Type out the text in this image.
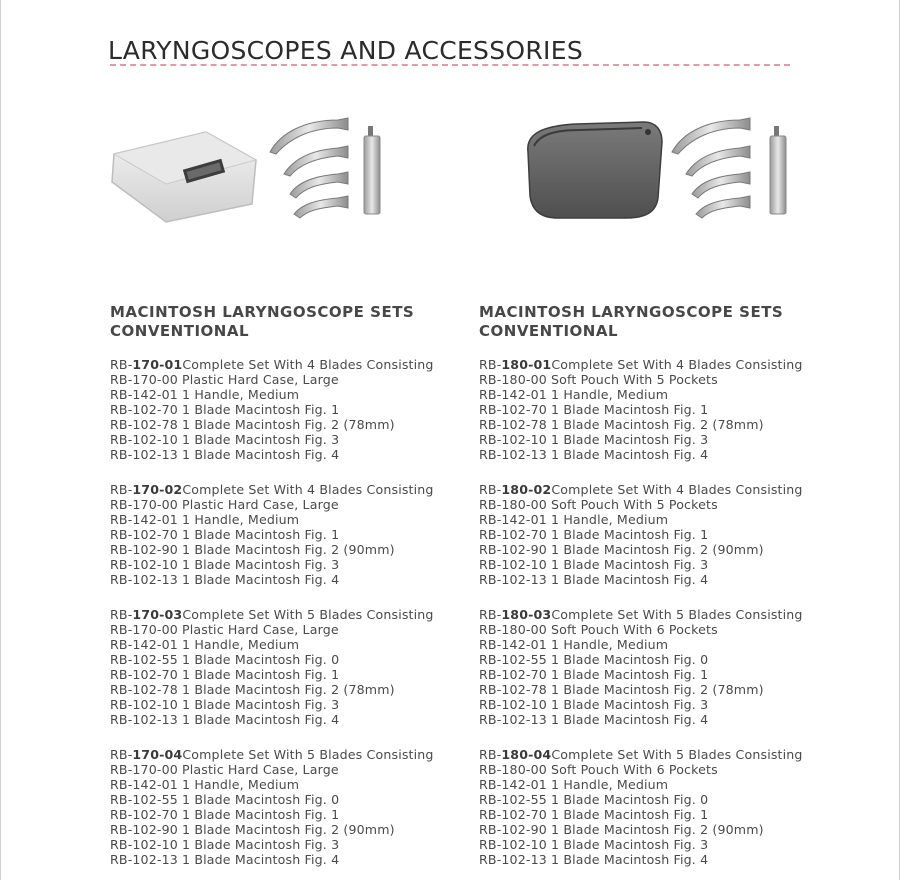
LARYNGOSCOPES AND ACCESSORIES
MACINTOSH LARYNGOSCOPE SETS
CONVENTIONAL
RB-170-01Complete Set With 4 Blades Consisting
RB-170-00 Plastic Hard Case, Large
RB-142-01 1 Handle, Medium
RB-102-70 1 Blade Macintosh Fig. 1
RB-102-78 1 Blade Macintosh Fig. 2 (78mm)
RB-102-10 1 Blade Macintosh Fig. 3
RB-102-13 1 Blade Macintosh Fig. 4
RB-170-02Complete Set With 4 Blades Consisting
RB-170-00 Plastic Hard Case, Large
RB-142-01 1 Handle, Medium
RB-102-70 1 Blade Macintosh Fig. 1
RB-102-90 1 Blade Macintosh Fig. 2 (90mm)
RB-102-10 1 Blade Macintosh Fig. 3
RB-102-13 1 Blade Macintosh Fig. 4
RB-170-03Complete Set With 5 Blades Consisting
RB-170-00 Plastic Hard Case, Large
RB-142-01 1 Handle, Medium
RB-102-55 1 Blade Macintosh Fig. 0
RB-102-70 1 Blade Macintosh Fig. 1
RB-102-78 1 Blade Macintosh Fig. 2 (78mm)
RB-102-10 1 Blade Macintosh Fig. 3
RB-102-13 1 Blade Macintosh Fig. 4
RB-170-04Complete Set With 5 Blades Consisting
RB-170-00 Plastic Hard Case, Large
RB-142-01 1 Handle, Medium
RB-102-55 1 Blade Macintosh Fig. 0
RB-102-70 1 Blade Macintosh Fig. 1
RB-102-90 1 Blade Macintosh Fig. 2 (90mm)
RB-102-10 1 Blade Macintosh Fig. 3
RB-102-13 1 Blade Macintosh Fig. 4
MACINTOSH LARYNGOSCOPE SETS
CONVENTIONAL
RB-180-01Complete Set With 4 Blades Consisting
RB-180-00 Soft Pouch With 5 Pockets
RB-142-01 1 Handle, Medium
RB-102-70 1 Blade Macintosh Fig. 1
RB-102-78 1 Blade Macintosh Fig. 2 (78mm)
RB-102-10 1 Blade Macintosh Fig. 3
RB-102-13 1 Blade Macintosh Fig. 4
RB-180-02Complete Set With 4 Blades Consisting
RB-180-00 Soft Pouch With 5 Pockets
RB-142-01 1 Handle, Medium
RB-102-70 1 Blade Macintosh Fig. 1
RB-102-90 1 Blade Macintosh Fig. 2 (90mm)
RB-102-10 1 Blade Macintosh Fig. 3
RB-102-13 1 Blade Macintosh Fig. 4
RB-180-03Complete Set With 5 Blades Consisting
RB-180-00 Soft Pouch With 6 Pockets
RB-142-01 1 Handle, Medium
RB-102-55 1 Blade Macintosh Fig. 0
RB-102-70 1 Blade Macintosh Fig. 1
RB-102-78 1 Blade Macintosh Fig. 2 (78mm)
RB-102-10 1 Blade Macintosh Fig. 3
RB-102-13 1 Blade Macintosh Fig. 4
RB-180-04Complete Set With 5 Blades Consisting
RB-180-00 Soft Pouch With 6 Pockets
RB-142-01 1 Handle, Medium
RB-102-55 1 Blade Macintosh Fig. 0
RB-102-70 1 Blade Macintosh Fig. 1
RB-102-90 1 Blade Macintosh Fig. 2 (90mm)
RB-102-10 1 Blade Macintosh Fig. 3
RB-102-13 1 Blade Macintosh Fig. 4
